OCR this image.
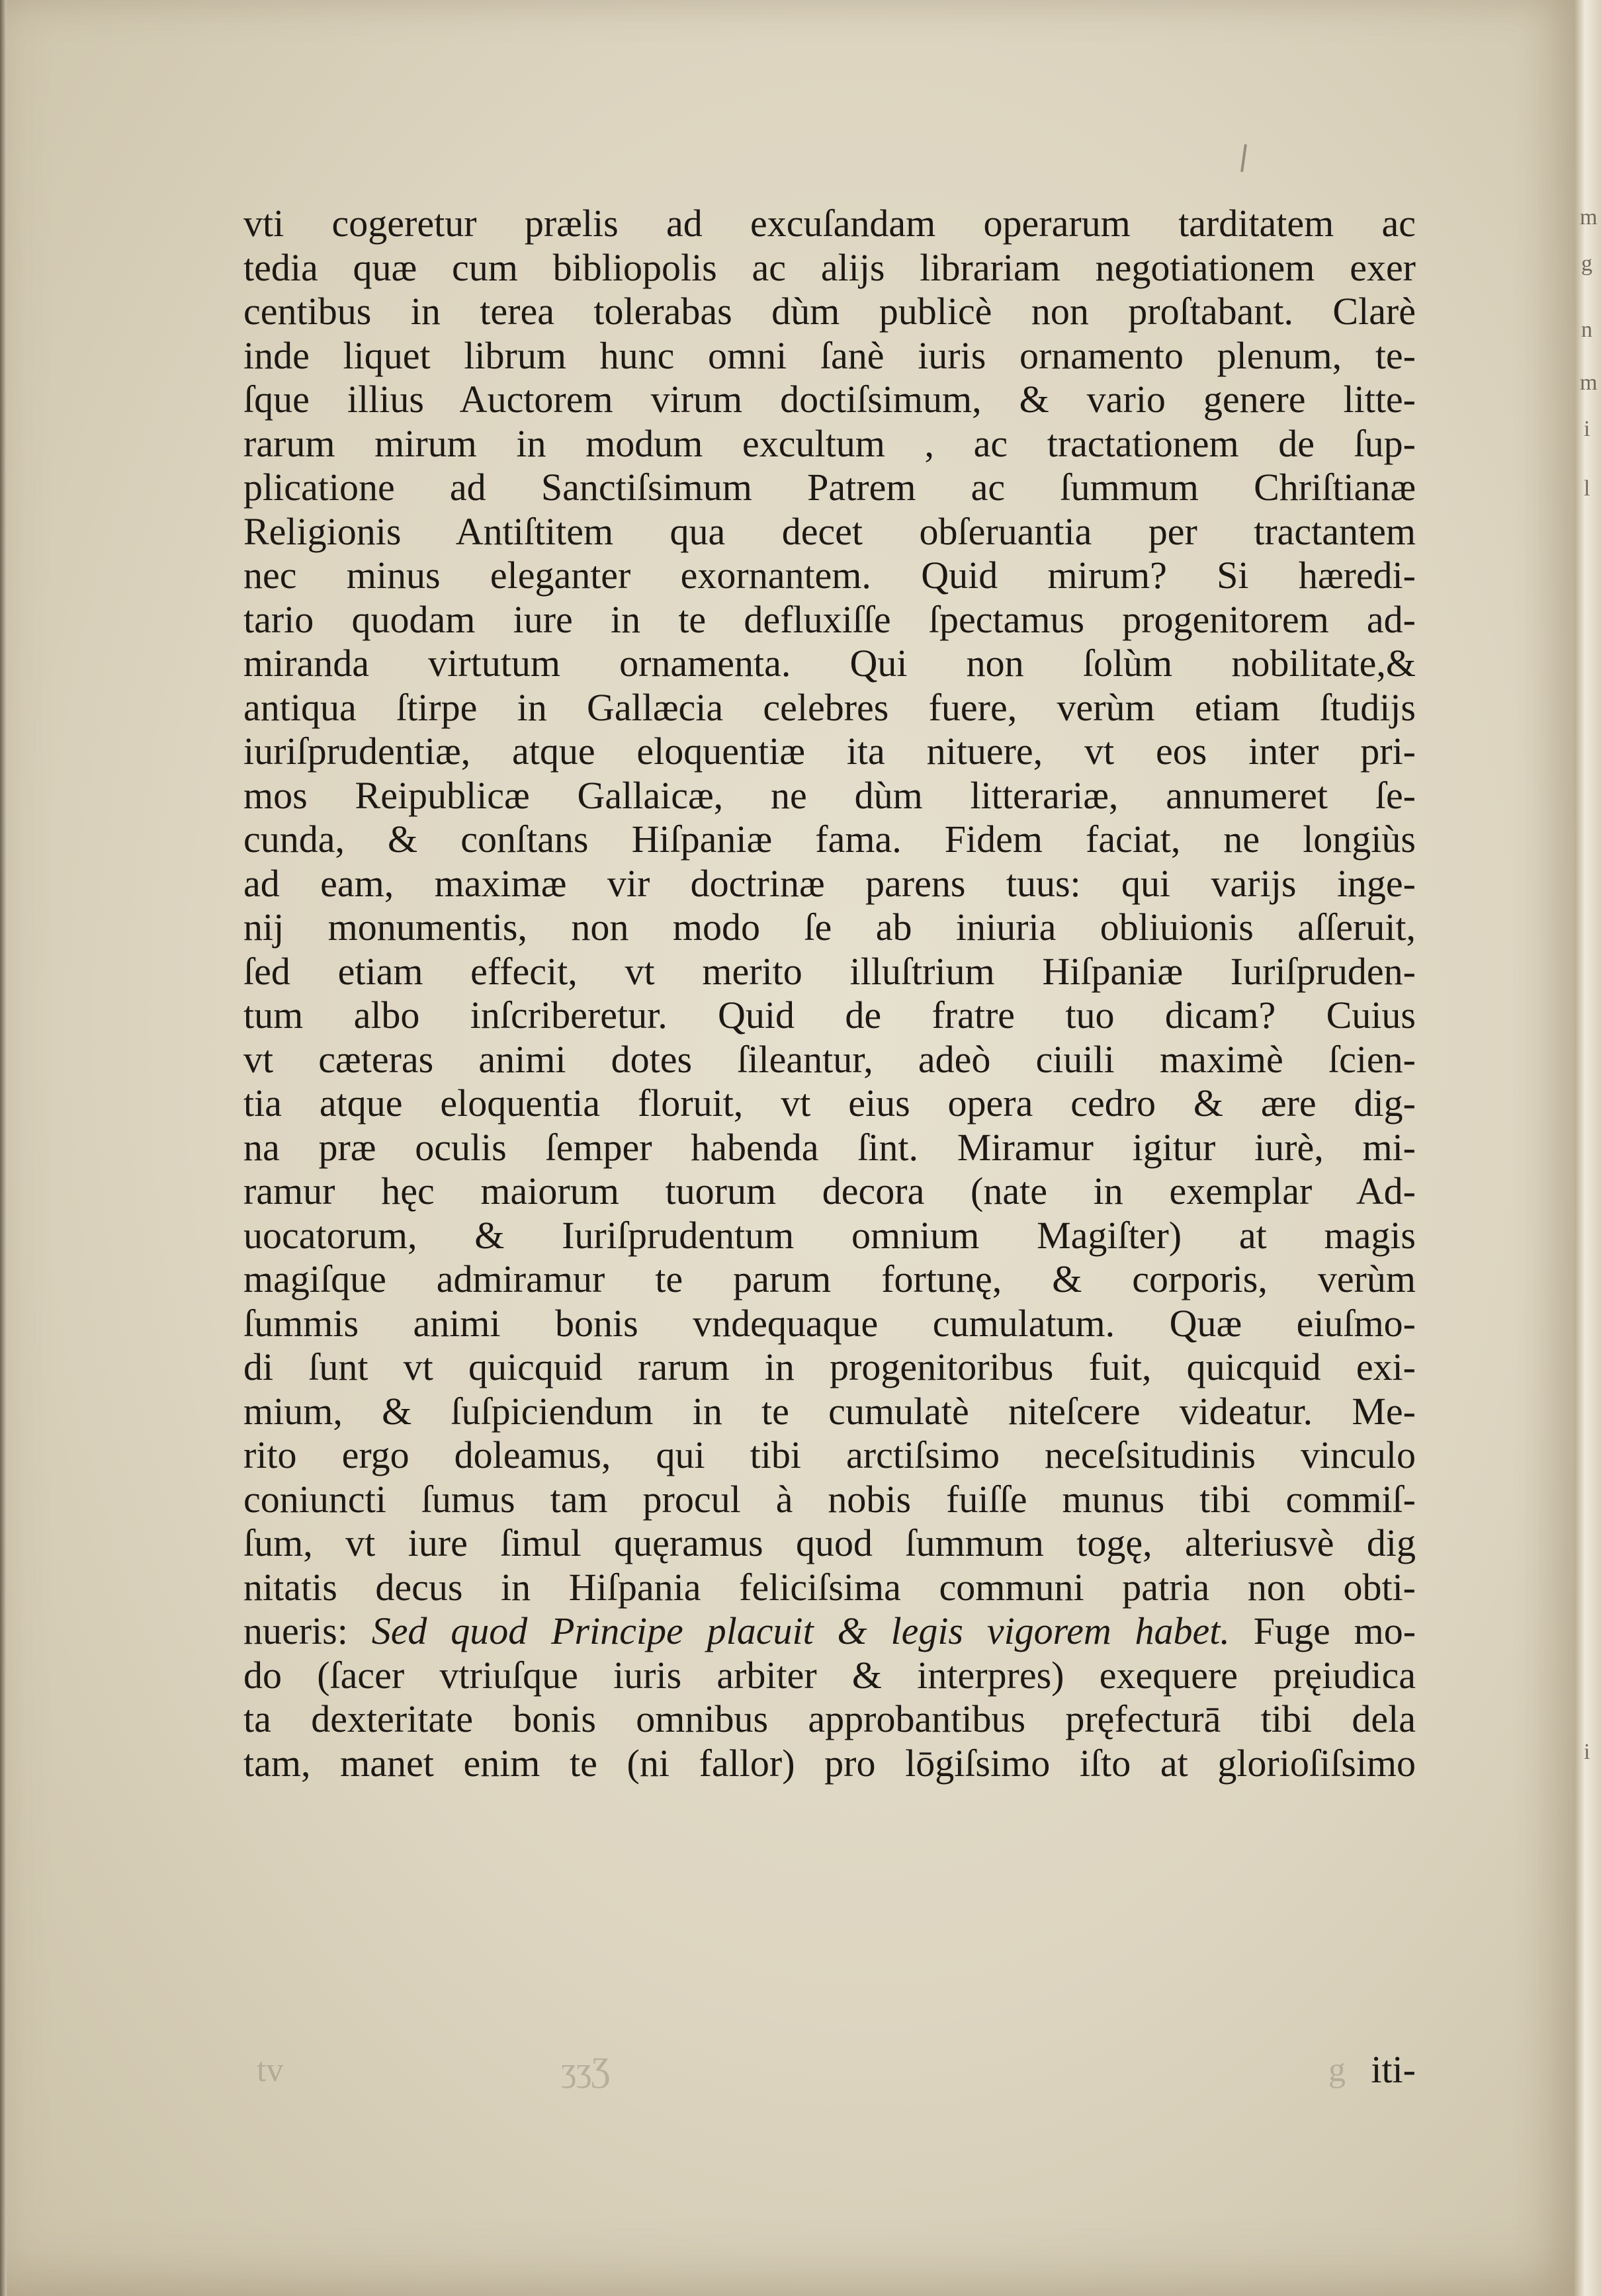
vti cogeretur prælis ad excuſandam operarum tarditatem ac
tedia quæ cum bibliopolis ac aliјs librariam negotiationem exer
centibus in terea tolerabas dùm publicè non proſtabant. Clarè
inde liquet librum hunc omni ſanè iuris ornamento plenum, te-
ſque illius Auctorem virum doctiſsimum, & vario genere litte-
rarum mirum in modum excultum , ac tractationem de ſup-
plicatione ad Sanctiſsimum Patrem ac ſummum Chriſtianæ
Religionis Antiſtitem qua decet obſeruantia per tractantem
nec minus eleganter exornantem. Quid mirum? Si hæredi-
tario quodam iure in te defluxiſſe ſpectamus progenitorem ad-
miranda virtutum ornamenta. Qui non ſolùm nobilitate,&
antiqua ſtirpe in Gallæcia celebres fuere, verùm etiam ſtudiјs
iuriſprudentiæ, atque eloquentiæ ita nituere, vt eos inter pri-
mos Reipublicæ Gallaicæ, ne dùm litterariæ, annumeret ſe-
cunda, & conſtans Hiſpaniæ fama. Fidem faciat, ne longiùs
ad eam, maximæ vir doctrinæ parens tuus: qui variјs inge-
niј monumentis, non modo ſe ab iniuria obliuionis aſſeruit,
ſed etiam effecit, vt merito illuſtrium Hiſpaniæ Iuriſpruden-
tum albo inſcriberetur. Quid de fratre tuo dicam? Cuius
vt cæteras animi dotes ſileantur, adeò ciuili maximè ſcien-
tia atque eloquentia floruit, vt eius opera cedro & ære dig-
na præ oculis ſemper habenda ſint. Miramur igitur iurè, mi-
ramur hęc maiorum tuorum decora (nate in exemplar Ad-
uocatorum, & Iuriſprudentum omnium Magiſter) at magis
magiſque admiramur te parum fortunę, & corporis, verùm
ſummis animi bonis vndequaque cumulatum. Quæ eiuſmo-
di ſunt vt quicquid rarum in progenitoribus fuit, quicquid exi-
mium, & ſuſpiciendum in te cumulatè niteſcere videatur. Me-
rito ergo doleamus, qui tibi arctiſsimo neceſsitudinis vinculo
coniuncti ſumus tam procul à nobis fuiſſe munus tibi commiſ-
ſum, vt iure ſimul quęramus quod ſummum togę, alteriusvè dig
nitatis decus in Hiſpania feliciſsima communi patria non obti-
nueris: Sed quod Principe placuit & legis vigorem habet. Fuge mo-
do (ſacer vtriuſque iuris arbiter & interpres) exequere pręiudica
ta dexteritate bonis omnibus approbantibus pręfecturā tibi dela
tam, manet enim te (ni fallor) pro lōgiſsimo iſto at glorioſiſsimo
tv	ʒʒƷ	g iti-
m
g
n
m
i
l
i
